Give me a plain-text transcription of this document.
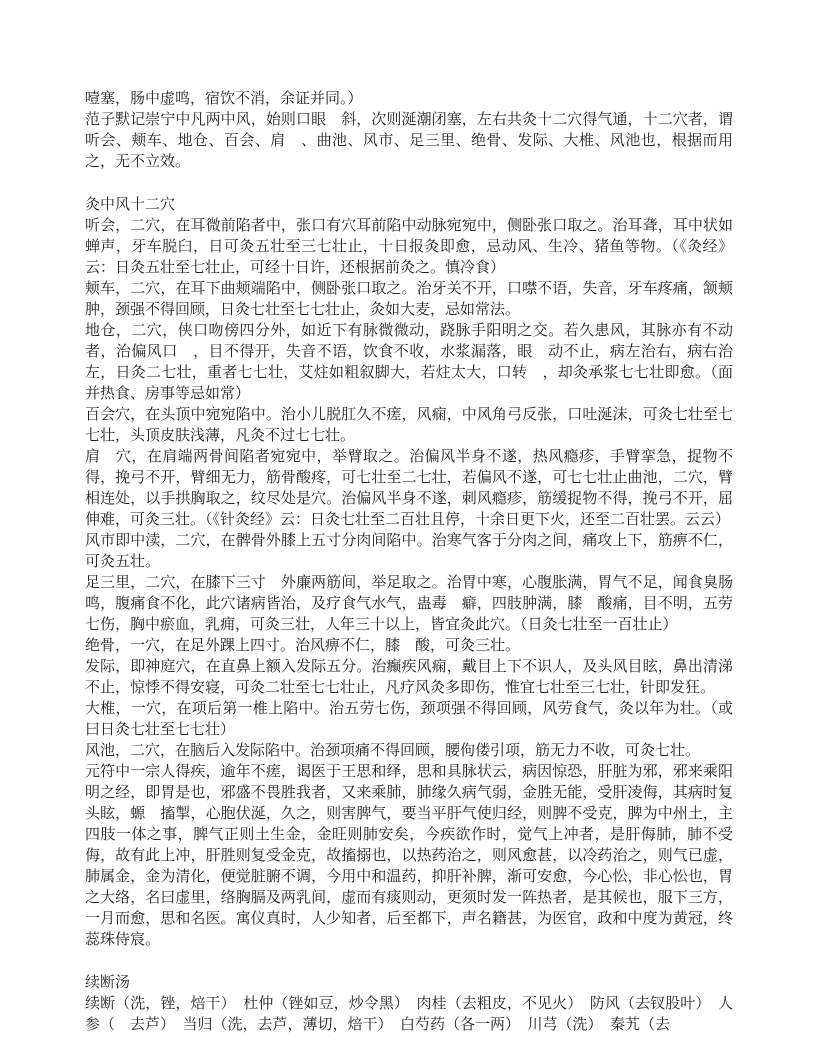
噎塞，肠中虚鸣，宿饮不消，余证并同。）

范子默记崇宁中凡两中风，始则口眼　斜，次则涎潮闭塞，左右共灸十二穴得气通，十二穴者，谓听会、颊车、地仓、百会、肩　、曲池、风市、足三里、绝骨、发际、大椎、风池也，根据而用之，无不立效。

灸中风十二穴

听会，二穴，在耳微前陷者中，张口有穴耳前陷中动脉宛宛中，侧卧张口取之。治耳聋，耳中状如蝉声，牙车脱臼，日可灸五壮至三七壮止，十日报灸即愈，忌动风、生冷、猪鱼等物。（《灸经》云：日灸五壮至七壮止，可经十日许，还根据前灸之。慎冷食）

颊车，二穴，在耳下曲颊端陷中，侧卧张口取之。治牙关不开，口噤不语，失音，牙车疼痛，颔颊肿，颈强不得回顾，日灸七壮至七七壮止，灸如大麦，忌如常法。

地仓，二穴，侠口吻傍四分外，如近下有脉微微动，跷脉手阳明之交。若久患风，其脉亦有不动者，治偏风口　，目不得开，失音不语，饮食不收，水浆漏落，眼　动不止，病左治右，病右治左，日灸二七壮，重者七七壮，艾炷如粗叙脚大，若炷太大，口转　，却灸承浆七七壮即愈。（面并热食、房事等忌如常）

百会穴，在头顶中宛宛陷中。治小儿脱肛久不瘥，风痫，中风角弓反张，口吐涎沫，可灸七壮至七七壮，头顶皮肤浅薄，凡灸不过七七壮。

肩　穴，在肩端两骨间陷者宛宛中，举臂取之。治偏风半身不遂，热风瘾疹，手臂挛急，捉物不得，挽弓不开，臂细无力，筋骨酸疼，可七壮至二七壮，若偏风不遂，可七七壮止曲池，二穴，臂相连处，以手拱胸取之，纹尽处是穴。治偏风半身不遂，刺风瘾疹，筋缓捉物不得，挽弓不开，屈伸难，可灸三壮。（《针灸经》云：日灸七壮至二百壮且停，十余日更下火，还至二百壮罢。云云）

风市即中渎，二穴，在髀骨外膝上五寸分肉间陷中。治寒气客于分肉之间，痛攻上下，筋痹不仁，可灸五壮。

足三里，二穴，在膝下三寸　外廉两筋间，举足取之。治胃中寒，心腹胀满，胃气不足，闻食臭肠鸣，腹痛食不化，此穴诸病皆治，及疗食气水气，蛊毒　癖，四肢肿满，膝　酸痛，目不明，五劳七伤，胸中瘀血，乳痈，可灸三壮，人年三十以上，皆宜灸此穴。（日灸七壮至一百壮止）

绝骨，一穴，在足外踝上四寸。治风痹不仁，膝　酸，可灸三壮。

发际，即神庭穴，在直鼻上额入发际五分。治癫疾风痫，戴目上下不识人，及头风目眩，鼻出清涕不止，惊悸不得安寝，可灸二壮至七七壮止，凡疗风灸多即伤，惟宜七壮至三七壮，针即发狂。

大椎，一穴，在项后第一椎上陷中。治五劳七伤，颈项强不得回顾，风劳食气，灸以年为壮。（或曰日灸七壮至七七壮）

风池，二穴，在脑后入发际陷中。治颈项痛不得回顾，腰佝偻引项，筋无力不收，可灸七壮。

元符中一宗人得疾，逾年不瘥，谒医于王思和绎，思和具脉状云，病因惊恐，肝脏为邪，邪来乘阳明之经，即胃是也，邪盛不畏胜我者，又来乘肺，肺缘久病气弱，金胜无能，受肝凌侮，其病时复头眩，螈　搐掣，心胞伏涎，久之，则害脾气，要当平肝气使归经，则脾不受克，脾为中州土，主四肢一体之事，脾气正则土生金，金旺则肺安矣，今疾欲作时，觉气上冲者，是肝侮肺，肺不受侮，故有此上冲，肝胜则复受金克，故搐搦也，以热药治之，则风愈甚，以冷药治之，则气已虚，肺属金，金为清化，便觉脏腑不调，今用中和温药，抑肝补脾，渐可安愈，今心忪，非心忪也，胃之大络，名曰虚里，络胸膈及两乳间，虚而有痰则动，更须时发一阵热者，是其候也，服下三方，一月而愈，思和名医。寓仪真时，人少知者，后至都下，声名籍甚，为医官，政和中度为黄冠，终蕊珠侍宸。

续断汤

续断（洗，锉，焙干）　杜仲（锉如豆，炒令黑）　肉桂（去粗皮，不见火）　防风（去钗股叶）　人参（　去芦）　当归（洗，去芦，薄切，焙干）　白芍药（各一两）　川芎（洗）　秦艽（去
